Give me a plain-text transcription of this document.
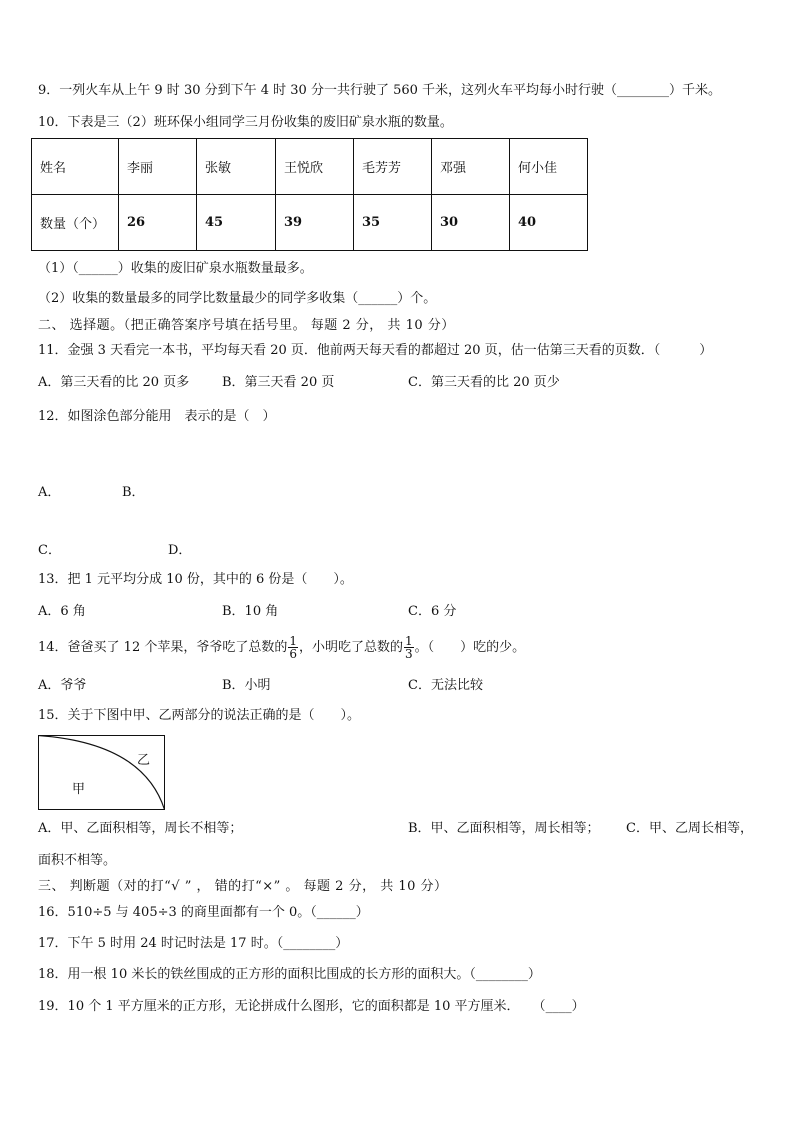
9．一列火车从上午 9 时 30 分到下午 4 时 30 分一共行驶了 560 千米，这列火车平均每小时行驶（________）千米。
10．下表是三（2）班环保小组同学三月份收集的废旧矿泉水瓶的数量。
姓名	李丽	张敏	王悦欣	毛芳芳	邓强	何小佳
数量（个）	26	45	39	35	30	40
（1）（______）收集的废旧矿泉水瓶数量最多。
（2）收集的数量最多的同学比数量最少的同学多收集（______）个。
二、 选择题。（把正确答案序号填在括号里。 每题 2 分， 共 10 分）
11．金强 3 天看完一本书，平均每天看 20 页．他前两天每天看的都超过 20 页，估一估第三天看的页数．（　　　）
A．第三天看的比 20 页多	B．第三天看 20 页	C．第三天看的比 20 页少
12．如图涂色部分能用　表示的是（　）
A．	B．
C．	D．
13．把 1 元平均分成 10 份，其中的 6 份是（　　）。
A．6 角	B．10 角	C．6 分
14．爸爸买了 12 个苹果，爷爷吃了总数的 $\frac{1}{6}$ ，小明吃了总数的 $\frac{1}{3}$ 。（　　）吃的少。
A．爷爷	B．小明	C．无法比较
15．关于下图中甲、乙两部分的说法正确的是（　　）。
甲
乙
A．甲、乙面积相等，周长不相等；	B．甲、乙面积相等，周长相等； C．甲、乙周长相等，
面积不相等。
三、 判断题（对的打“√ ” ， 错的打“×” 。 每题 2 分， 共 10 分）
16．510÷5 与 405÷3 的商里面都有一个 0。（______）
17．下午 5 时用 24 时记时法是 17 时。（________）
18．用一根 10 米长的铁丝围成的正方形的面积比围成的长方形的面积大。（________）
19．10 个 1 平方厘米的正方形，无论拼成什么图形，它的面积都是 10 平方厘米．　　（____）
